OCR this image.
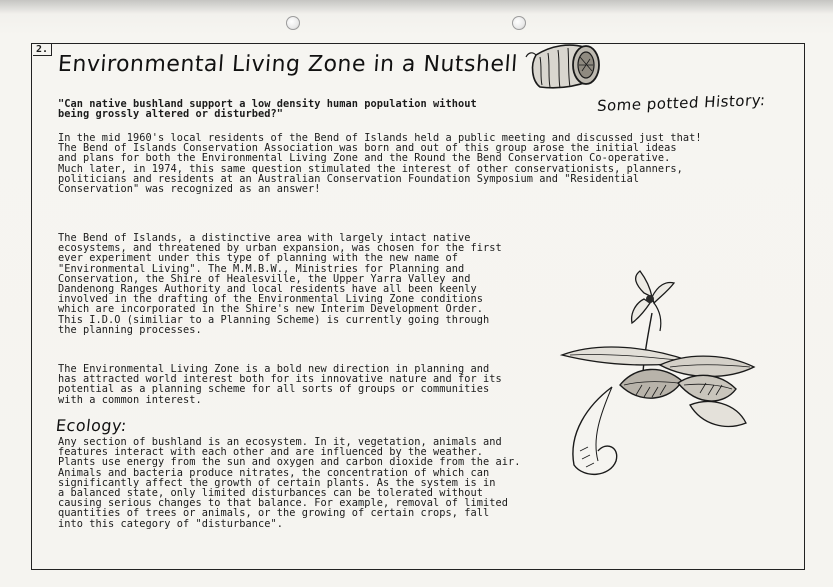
2.
Environmental Living Zone in a Nutshell
Some potted History:
"Can native bushland support a low density human population without
being grossly altered or disturbed?"
In the mid 1960's local residents of the Bend of Islands held a public meeting and discussed just that!
The Bend of Islands Conservation Association was born and out of this group arose the initial ideas
and plans for both the Environmental Living Zone and the Round the Bend Conservation Co-operative.
Much later, in 1974, this same question stimulated the interest of other conservationists, planners,
politicians and residents at an Australian Conservation Foundation Symposium and "Residential
Conservation" was recognized as an answer!
The Bend of Islands, a distinctive area with largely intact native
ecosystems, and threatened by urban expansion, was chosen for the first
ever experiment under this type of planning with the new name of
"Environmental Living". The M.M.B.W., Ministries for Planning and
Conservation, the Shire of Healesville, the Upper Yarra Valley and
Dandenong Ranges Authority and local residents have all been keenly
involved in the drafting of the Environmental Living Zone conditions
which are incorporated in the Shire's new Interim Development Order.
This I.D.O (similiar to a Planning Scheme) is currently going through
the planning processes.
The Environmental Living Zone is a bold new direction in planning and
has attracted world interest both for its innovative nature and for its
potential as a planning scheme for all sorts of groups or communities
with a common interest.
Ecology:
Any section of bushland is an ecosystem. In it, vegetation, animals and
features interact with each other and are influenced by the weather.
Plants use energy from the sun and oxygen and carbon dioxide from the air.
Animals and bacteria produce nitrates, the concentration of which can
significantly affect the growth of certain plants. As the system is in
a balanced state, only limited disturbances can be tolerated without
causing serious changes to that balance. For example, removal of limited
quantities of trees or animals, or the growing of certain crops, fall
into this category of "disturbance".
